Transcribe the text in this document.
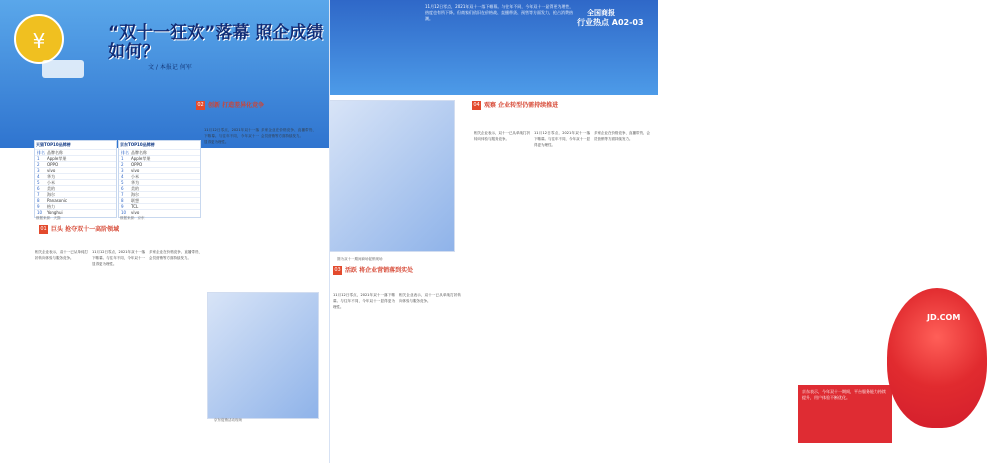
¥	“双十一狂欢”落幕 照企成绩如何？
文 / 本报记 何军
天猫TOP10品牌榜
排名 品牌名称
1	Apple苹果
2	OPPO
3	vivo
4	华为
5	小米
6	美的
7	海尔
8	Panasonic
9	格力
10	Yonghui
数据来源：天猫
京东TOP10品牌榜
排名 品牌名称
1	Apple苹果
2	OPPO
3	vivo
4	小米
5	华为
6	美的
7	海尔
8	联想
9	TCL
10	vivo
数据来源：京东
02 创新 打造差异化竞争
11月12日零点，2021年双十一落下帷幕。与往年不同，今年双十一显得更为理性。
多家企业在价格竞争、直播带货、会员营销等方面持续发力。
01 巨头 抢夺双十一高阶领域
相关企业表示，双十一已从单纯打折转向体验与服务竞争。
11月12日零点，2021年双十一落下帷幕。与往年不同，今年双十一显得更为理性。
多家企业在价格竞争、直播带货、会员营销等方面持续发力。
京东促销活动现场
11月12日零点，2021年双十一落下帷幕。与往年不同，今年双十一显得更为理性，热度也有所下降。但商家们依旧在价格战、直播带货、预售等方面发力，抢占消费热潮。
全国商报
行业热点 A02-03
图为双十一期间商场促销现场
04 观察 企业转型仍需持续推进
相关企业表示，双十一已从单纯打折转向体验与服务竞争。
11月12日零点，2021年双十一落下帷幕。与往年不同，今年双十一显得更为理性。
多家企业在价格竞争、直播带货、会员营销等方面持续发力。
03 活跃 将企业营销落到实处
11月12日零点，2021年双十一落下帷幕。与往年不同，今年双十一显得更为理性。
相关企业表示，双十一已从单纯打折转向体验与服务竞争。
京东表示，今年双十一期间，平台服务能力持续提升，用户体验不断优化。
JD.COM
